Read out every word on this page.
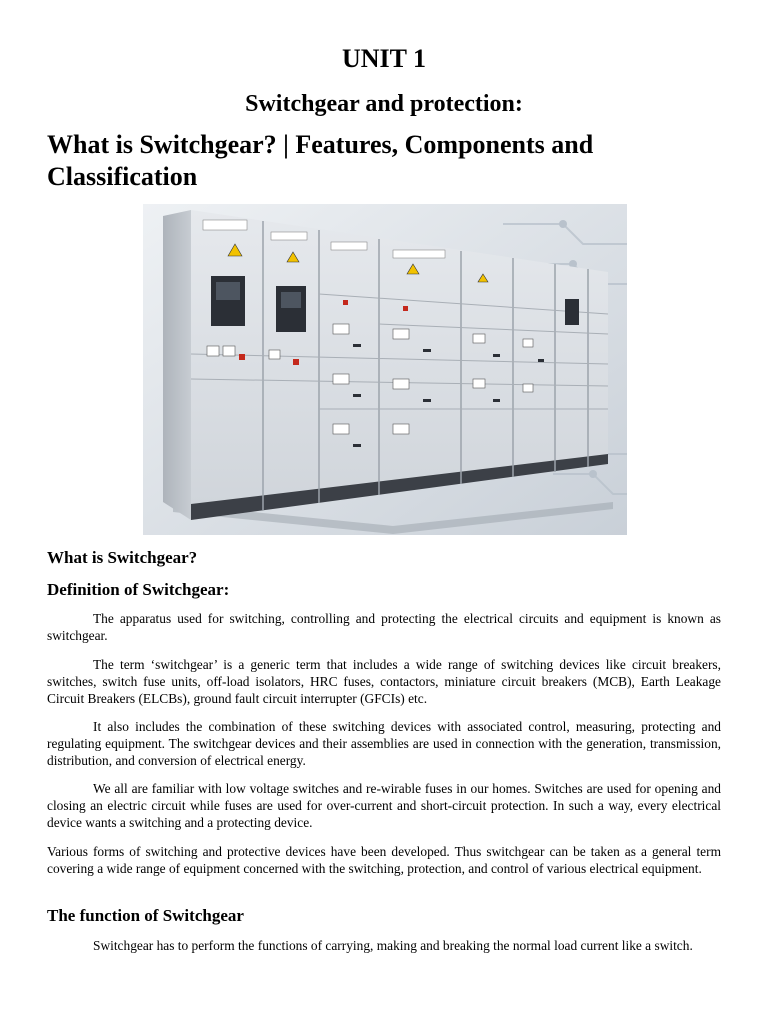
UNIT 1
Switchgear and protection:
What is Switchgear? | Features, Components and Classification
What is Switchgear?
Definition of Switchgear:

The apparatus used for switching, controlling and protecting the electrical circuits and equipment is known as switchgear.

The term ‘switchgear’ is a generic term that includes a wide range of switching devices like circuit breakers, switches, switch fuse units, off-load isolators, HRC fuses, contactors, miniature circuit breakers (MCB), Earth Leakage Circuit Breakers (ELCBs), ground fault circuit interrupter (GFCIs) etc.

It also includes the combination of these switching devices with associated control, measuring, protecting and regulating equipment. The switchgear devices and their assemblies are used in connection with the generation, transmission, distribution, and conversion of electrical energy.

We all are familiar with low voltage switches and re-wirable fuses in our homes. Switches are used for opening and closing an electric circuit while fuses are used for over-current and short-circuit protection. In such a way, every electrical device wants a switching and a protecting device.

Various forms of switching and protective devices have been developed. Thus switchgear can be taken as a general term covering a wide range of equipment concerned with the switching, protection, and control of various electrical equipment.

The function of Switchgear

Switchgear has to perform the functions of carrying, making and breaking the normal load current like a switch.
